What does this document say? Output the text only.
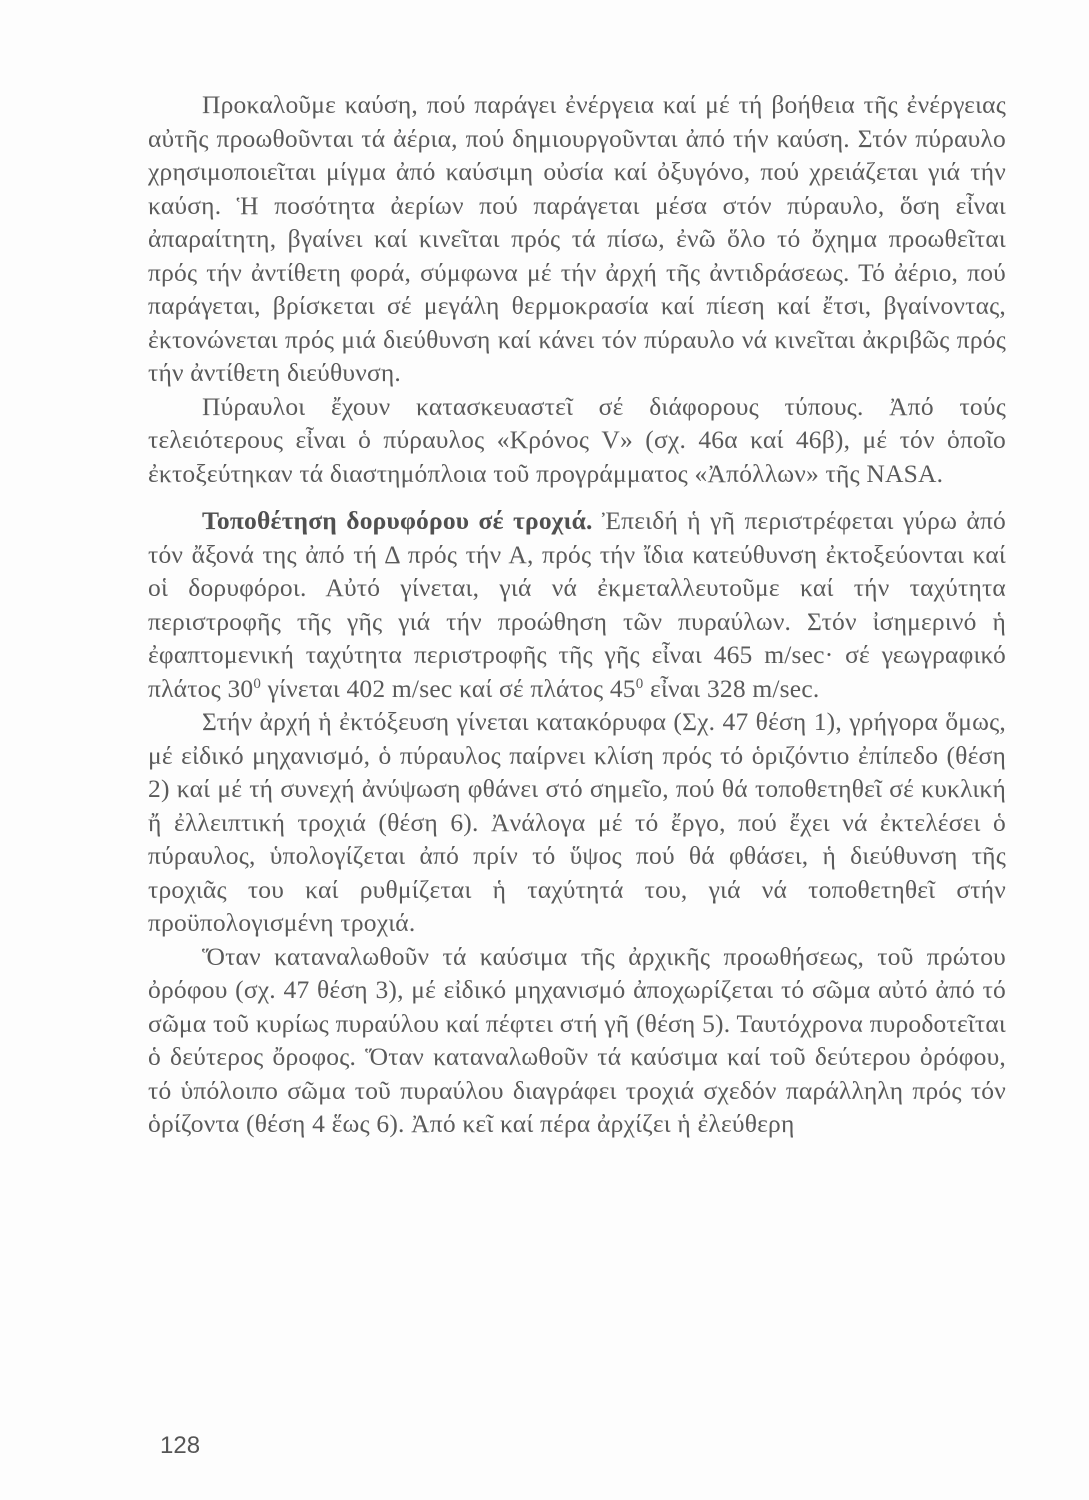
Προκαλοῦμε καύση, πού παράγει ἐνέργεια καί μέ τή βοήθεια τῆς ἐνέργειας αὐτῆς προωθοῦνται τά ἀέρια, πού δημιουργοῦνται ἀπό τήν καύση. Στόν πύραυλο χρησιμοποιεῖται μίγμα ἀπό καύσιμη οὐσία καί ὀξυγόνο, πού χρειάζεται γιά τήν καύση. Ἡ ποσότητα ἀερίων πού παράγεται μέσα στόν πύραυλο, ὅση εἶναι ἀπαραίτητη, βγαίνει καί κινεῖται πρός τά πίσω, ἐνῶ ὅλο τό ὄχημα προωθεῖται πρός τήν ἀντίθετη φορά, σύμφωνα μέ τήν ἀρχή τῆς ἀντιδράσεως. Τό ἀέριο, πού παράγεται, βρίσκεται σέ μεγάλη θερμοκρασία καί πίεση καί ἔτσι, βγαίνοντας, ἐκτονώνεται πρός μιά διεύθυνση καί κάνει τόν πύραυλο νά κινεῖται ἀκριβῶς πρός τήν ἀντίθετη διεύθυνση.

Πύραυλοι ἔχουν κατασκευαστεῖ σέ διάφορους τύπους. Ἀπό τούς τελειότερους εἶναι ὁ πύραυλος «Κρόνος V» (σχ. 46α καί 46β), μέ τόν ὁποῖο ἐκτοξεύτηκαν τά διαστημόπλοια τοῦ προγράμματος «Ἀπόλλων» τῆς NASA.

Τοποθέτηση δορυφόρου σέ τροχιά. Ἐπειδή ἡ γῆ περιστρέφεται γύρω ἀπό τόν ἄξονά της ἀπό τή Δ πρός τήν Α, πρός τήν ἴδια κατεύθυνση ἐκτοξεύονται καί οἱ δορυφόροι. Αὐτό γίνεται, γιά νά ἐκμεταλλευτοῦμε καί τήν ταχύτητα περιστροφῆς τῆς γῆς γιά τήν προώθηση τῶν πυραύλων. Στόν ἰσημερινό ἡ ἐφαπτομενική ταχύτητα περιστροφῆς τῆς γῆς εἶναι 465 m/sec· σέ γεωγραφικό πλάτος $30^0$ γίνεται 402 m/sec καί σέ πλάτος $45^0$ εἶναι 328 m/sec.

Στήν ἀρχή ἡ ἐκτόξευση γίνεται κατακόρυφα (Σχ. 47 θέση 1), γρήγορα ὅμως, μέ εἰδικό μηχανισμό, ὁ πύραυλος παίρνει κλίση πρός τό ὁριζόντιο ἐπίπεδο (θέση 2) καί μέ τή συνεχή ἀνύψωση φθάνει στό σημεῖο, πού θά τοποθετηθεῖ σέ κυκλική ἤ ἐλλειπτική τροχιά (θέση 6). Ἀνάλογα μέ τό ἔργο, πού ἔχει νά ἐκτελέσει ὁ πύραυλος, ὑπολογίζεται ἀπό πρίν τό ὕψος πού θά φθάσει, ἡ διεύθυνση τῆς τροχιᾶς του καί ρυθμίζεται ἡ ταχύτητά του, γιά νά τοποθετηθεῖ στήν προϋπολογισμένη τροχιά.

Ὅταν καταναλωθοῦν τά καύσιμα τῆς ἀρχικῆς προωθήσεως, τοῦ πρώτου ὀρόφου (σχ. 47 θέση 3), μέ εἰδικό μηχανισμό ἀποχωρίζεται τό σῶμα αὐτό ἀπό τό σῶμα τοῦ κυρίως πυραύλου καί πέφτει στή γῆ (θέση 5). Ταυτόχρονα πυροδοτεῖται ὁ δεύτερος ὄροφος. Ὅταν καταναλωθοῦν τά καύσιμα καί τοῦ δεύτερου ὀρόφου, τό ὑπόλοιπο σῶμα τοῦ πυραύλου διαγράφει τροχιά σχεδόν παράλληλη πρός τόν ὁρίζοντα (θέση 4 ἕως 6). Ἀπό κεῖ καί πέρα ἀρχίζει ἡ ἐλεύθερη

128
